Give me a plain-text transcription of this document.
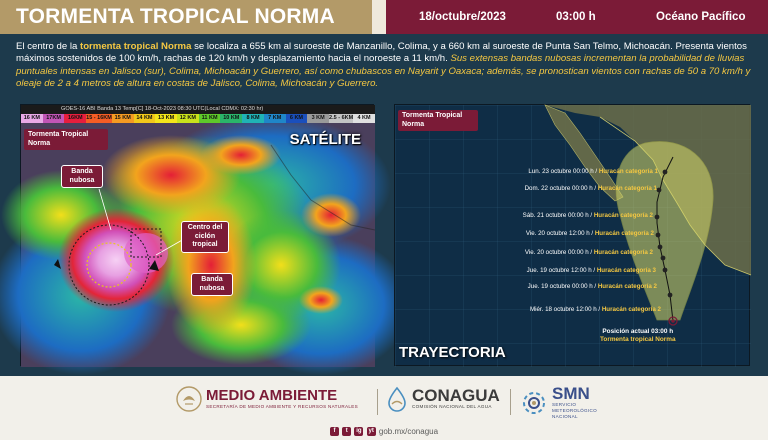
TORMENTA TROPICAL NORMA	18/octubre/2023	03:00 h	Océano Pacífico
El centro de la tormenta tropical Norma se localiza a 655 km al suroeste de Manzanillo, Colima, y a 660 km al suroeste de Punta San Telmo, Michoacán. Presenta vientos máximos sostenidos de 100 km/h, rachas de 120 km/h y desplazamiento hacia el noroeste a 11 km/h. Sus extensas bandas nubosas incrementan la probabilidad de lluvias puntuales intensas en Jalisco (sur), Colima, Michoacán y Guerrero, así como chubascos en Nayarit y Oaxaca; además, se pronostican vientos con rachas de 50 a 70 km/h y oleaje de 2 a 4 metros de altura en costas de Jalisco, Colima, Michoacán y Guerrero.
GOES-16 ABI Banda 13 Temp[C] 18-Oct-2023 08:30 UTC(Local CDMX: 02:30 hr)
16 KM	17KM	16KM 15 - 16KM 15 KM	14 KM	13 KM	12 KM	11 KM	10 KM	8 KM	7 KM	6 KM	3 KM 2.5 - 6KM 4 KM
Tormenta Tropical
Norma	SATÉLITE
Banda
nubosa
Centro del
ciclón
tropical
Banda
nubosa
Tormenta Tropical
Norma
Lun. 23 octubre 00:00 h / Huracán categoría 1
Dom. 22 octubre 00:00 h / Huracán categoría 1
Sáb. 21 octubre 00:00 h / Huracán categoría 2
Vie. 20 octubre 12:00 h / Huracán categoría 2
Vie. 20 octubre 00:00 h / Huracán categoría 2
Jue. 19 octubre 12:00 h / Huracán categoría 3
Jue. 19 octubre 00:00 h / Huracán categoría 2
Miér. 18 octubre 12:00 h / Huracán categoría 2
Posición actual 03:00 h
Tormenta tropical Norma
TRAYECTORIA
MEDIO AMBIENTE
SECRETARÍA DE MEDIO AMBIENTE Y RECURSOS NATURALES
CONAGUA
COMISIÓN NACIONAL DEL AGUA
SMN
SERVICIO
METEOROLÓGICO
NACIONAL
f t ig yt gob.mx/conagua
